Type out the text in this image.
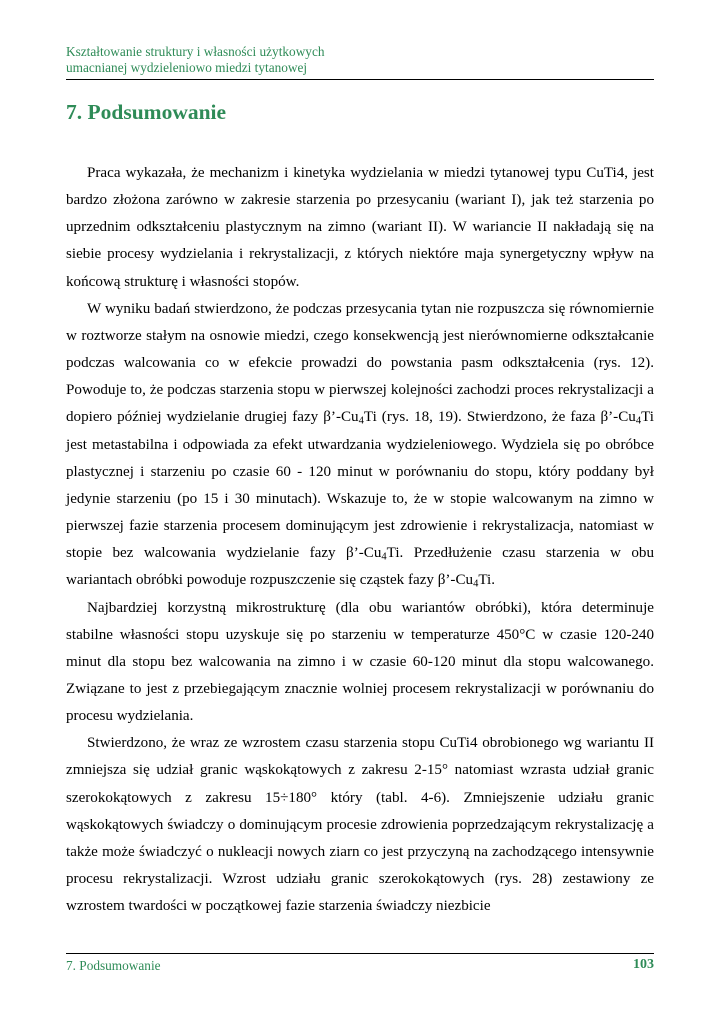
Kształtowanie struktury i własności użytkowych
umacnianej wydzieleniowo miedzi tytanowej
7. Podsumowanie

Praca wykazała, że mechanizm i kinetyka wydzielania w miedzi tytanowej typu CuTi4, jest bardzo złożona zarówno w zakresie starzenia po przesycaniu (wariant I), jak też starzenia po uprzednim odkształceniu plastycznym na zimno (wariant II). W wariancie II nakładają się na siebie procesy wydzielania i rekrystalizacji, z których niektóre maja synergetyczny wpływ na końcową strukturę i własności stopów.

W wyniku badań stwierdzono, że podczas przesycania tytan nie rozpuszcza się równomiernie w roztworze stałym na osnowie miedzi, czego konsekwencją jest nierównomierne odkształcanie podczas walcowania co w efekcie prowadzi do powstania pasm odkształcenia (rys. 12). Powoduje to, że podczas starzenia stopu w pierwszej kolejności zachodzi proces rekrystalizacji a dopiero później wydzielanie drugiej fazy $\beta’-Cu_4Ti$ (rys. 18, 19). Stwierdzono, że faza $\beta’-Cu_4Ti$ jest metastabilna i odpowiada za efekt utwardzania wydzieleniowego. Wydziela się po obróbce plastycznej i starzeniu po czasie 60 - 120 minut w porównaniu do stopu, który poddany był jedynie starzeniu (po 15 i 30 minutach). Wskazuje to, że w stopie walcowanym na zimno w pierwszej fazie starzenia procesem dominującym jest zdrowienie i rekrystalizacja, natomiast w stopie bez walcowania wydzielanie fazy $\beta’-Cu_4Ti$. Przedłużenie czasu starzenia w obu wariantach obróbki powoduje rozpuszczenie się cząstek fazy $\beta’-Cu_4Ti$.

Najbardziej korzystną mikrostrukturę (dla obu wariantów obróbki), która determinuje stabilne własności stopu uzyskuje się po starzeniu w temperaturze 450°C w czasie 120-240 minut dla stopu bez walcowania na zimno i w czasie 60-120 minut dla stopu walcowanego. Związane to jest z przebiegającym znacznie wolniej procesem rekrystalizacji w porównaniu do procesu wydzielania.

Stwierdzono, że wraz ze wzrostem czasu starzenia stopu CuTi4 obrobionego wg wariantu II zmniejsza się udział granic wąskokątowych z zakresu 2-15° natomiast wzrasta udział granic szerokokątowych z zakresu 15÷180° który (tabl. 4-6). Zmniejszenie udziału granic wąskokątowych świadczy o dominującym procesie zdrowienia poprzedzającym rekrystalizację a także może świadczyć o nukleacji nowych ziarn co jest przyczyną na zachodzącego intensywnie procesu rekrystalizacji. Wzrost udziału granic szerokokątowych (rys. 28) zestawiony ze wzrostem twardości w początkowej fazie starzenia świadczy niezbicie

7. Podsumowanie	103
